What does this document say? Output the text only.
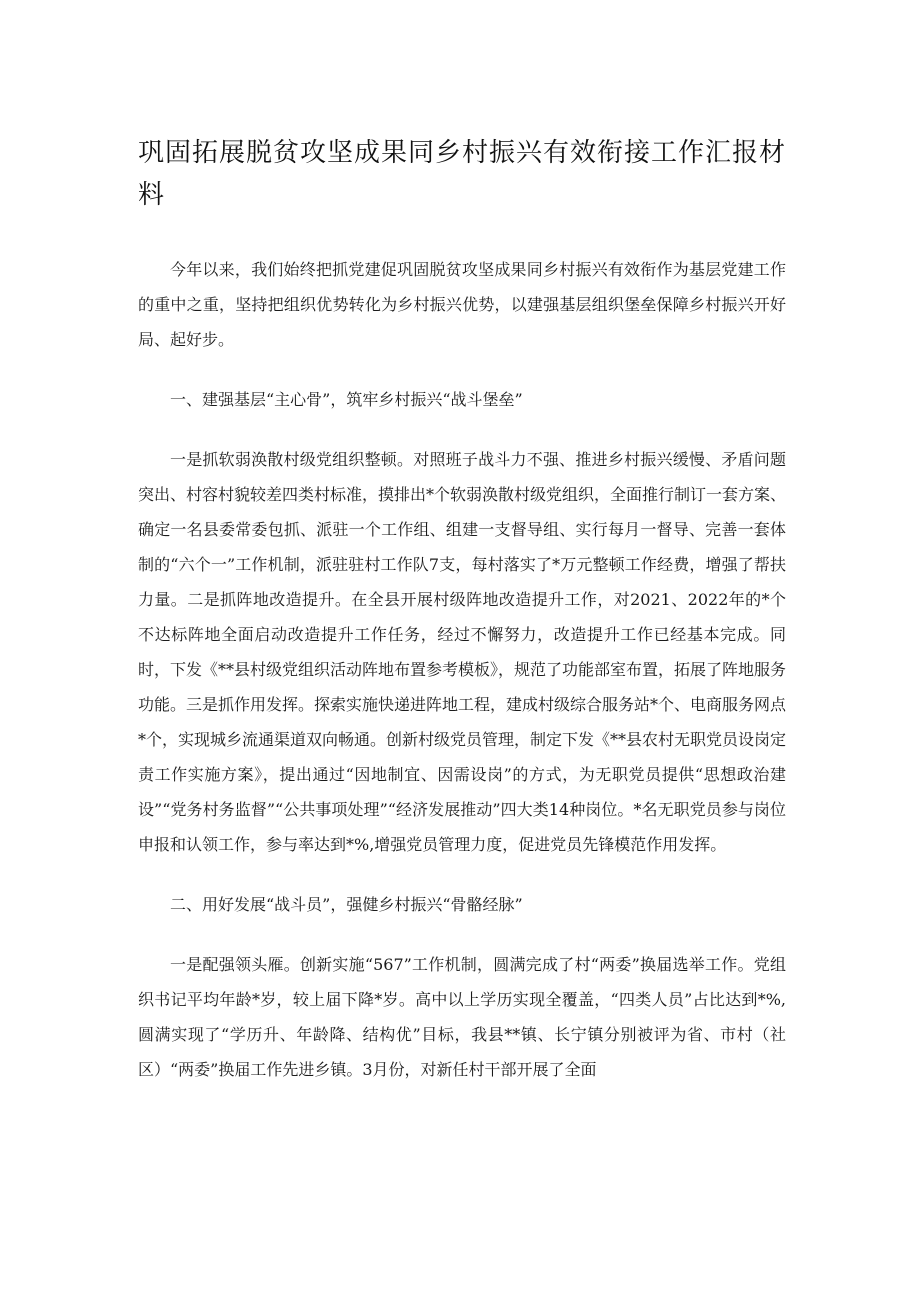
巩固拓展脱贫攻坚成果同乡村振兴有效衔接工作汇报材料

今年以来，我们始终把抓党建促巩固脱贫攻坚成果同乡村振兴有效衔作为基层党建工作的重中之重，坚持把组织优势转化为乡村振兴优势，以建强基层组织堡垒保障乡村振兴开好局、起好步。

一、建强基层“主心骨”，筑牢乡村振兴“战斗堡垒”

一是抓软弱涣散村级党组织整顿。对照班子战斗力不强、推进乡村振兴缓慢、矛盾问题突出、村容村貌较差四类村标准，摸排出*个软弱涣散村级党组织，全面推行制订一套方案、确定一名县委常委包抓、派驻一个工作组、组建一支督导组、实行每月一督导、完善一套体制的“六个一”工作机制，派驻驻村工作队7支，每村落实了*万元整顿工作经费，增强了帮扶力量。二是抓阵地改造提升。在全县开展村级阵地改造提升工作，对2021、2022年的*个不达标阵地全面启动改造提升工作任务，经过不懈努力，改造提升工作已经基本完成。同时，下发《**县村级党组织活动阵地布置参考模板》，规范了功能部室布置，拓展了阵地服务功能。三是抓作用发挥。探索实施快递进阵地工程，建成村级综合服务站*个、电商服务网点*个，实现城乡流通渠道双向畅通。创新村级党员管理，制定下发《**县农村无职党员设岗定责工作实施方案》，提出通过“因地制宜、因需设岗”的方式，为无职党员提供“思想政治建设”“党务村务监督”“公共事项处理”“经济发展推动”四大类14种岗位。*名无职党员参与岗位申报和认领工作，参与率达到*%,增强党员管理力度，促进党员先锋模范作用发挥。

二、用好发展“战斗员”，强健乡村振兴“骨骼经脉”

一是配强领头雁。创新实施“567”工作机制，圆满完成了村“两委”换届选举工作。党组织书记平均年龄*岁，较上届下降*岁。高中以上学历实现全覆盖，“四类人员”占比达到*%,圆满实现了“学历升、年龄降、结构优”目标，我县**镇、长宁镇分别被评为省、市村（社区）“两委”换届工作先进乡镇。3月份，对新任村干部开展了全面
